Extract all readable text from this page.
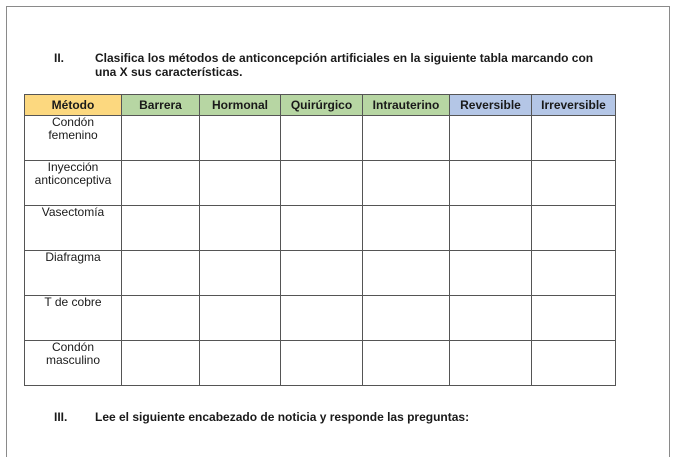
II.	Clasifica los métodos de anticoncepción artificiales en la siguiente tabla marcando con
una X sus características.
Método	Barrera	Hormonal	Quirúrgico	Intrauterino	Reversible	Irreversible

Condón femenino						

Inyección anticonceptiva						

Vasectomía						

Diafragma						

T de cobre						

Condón masculino						

III. Lee el siguiente encabezado de noticia y responde las preguntas:
